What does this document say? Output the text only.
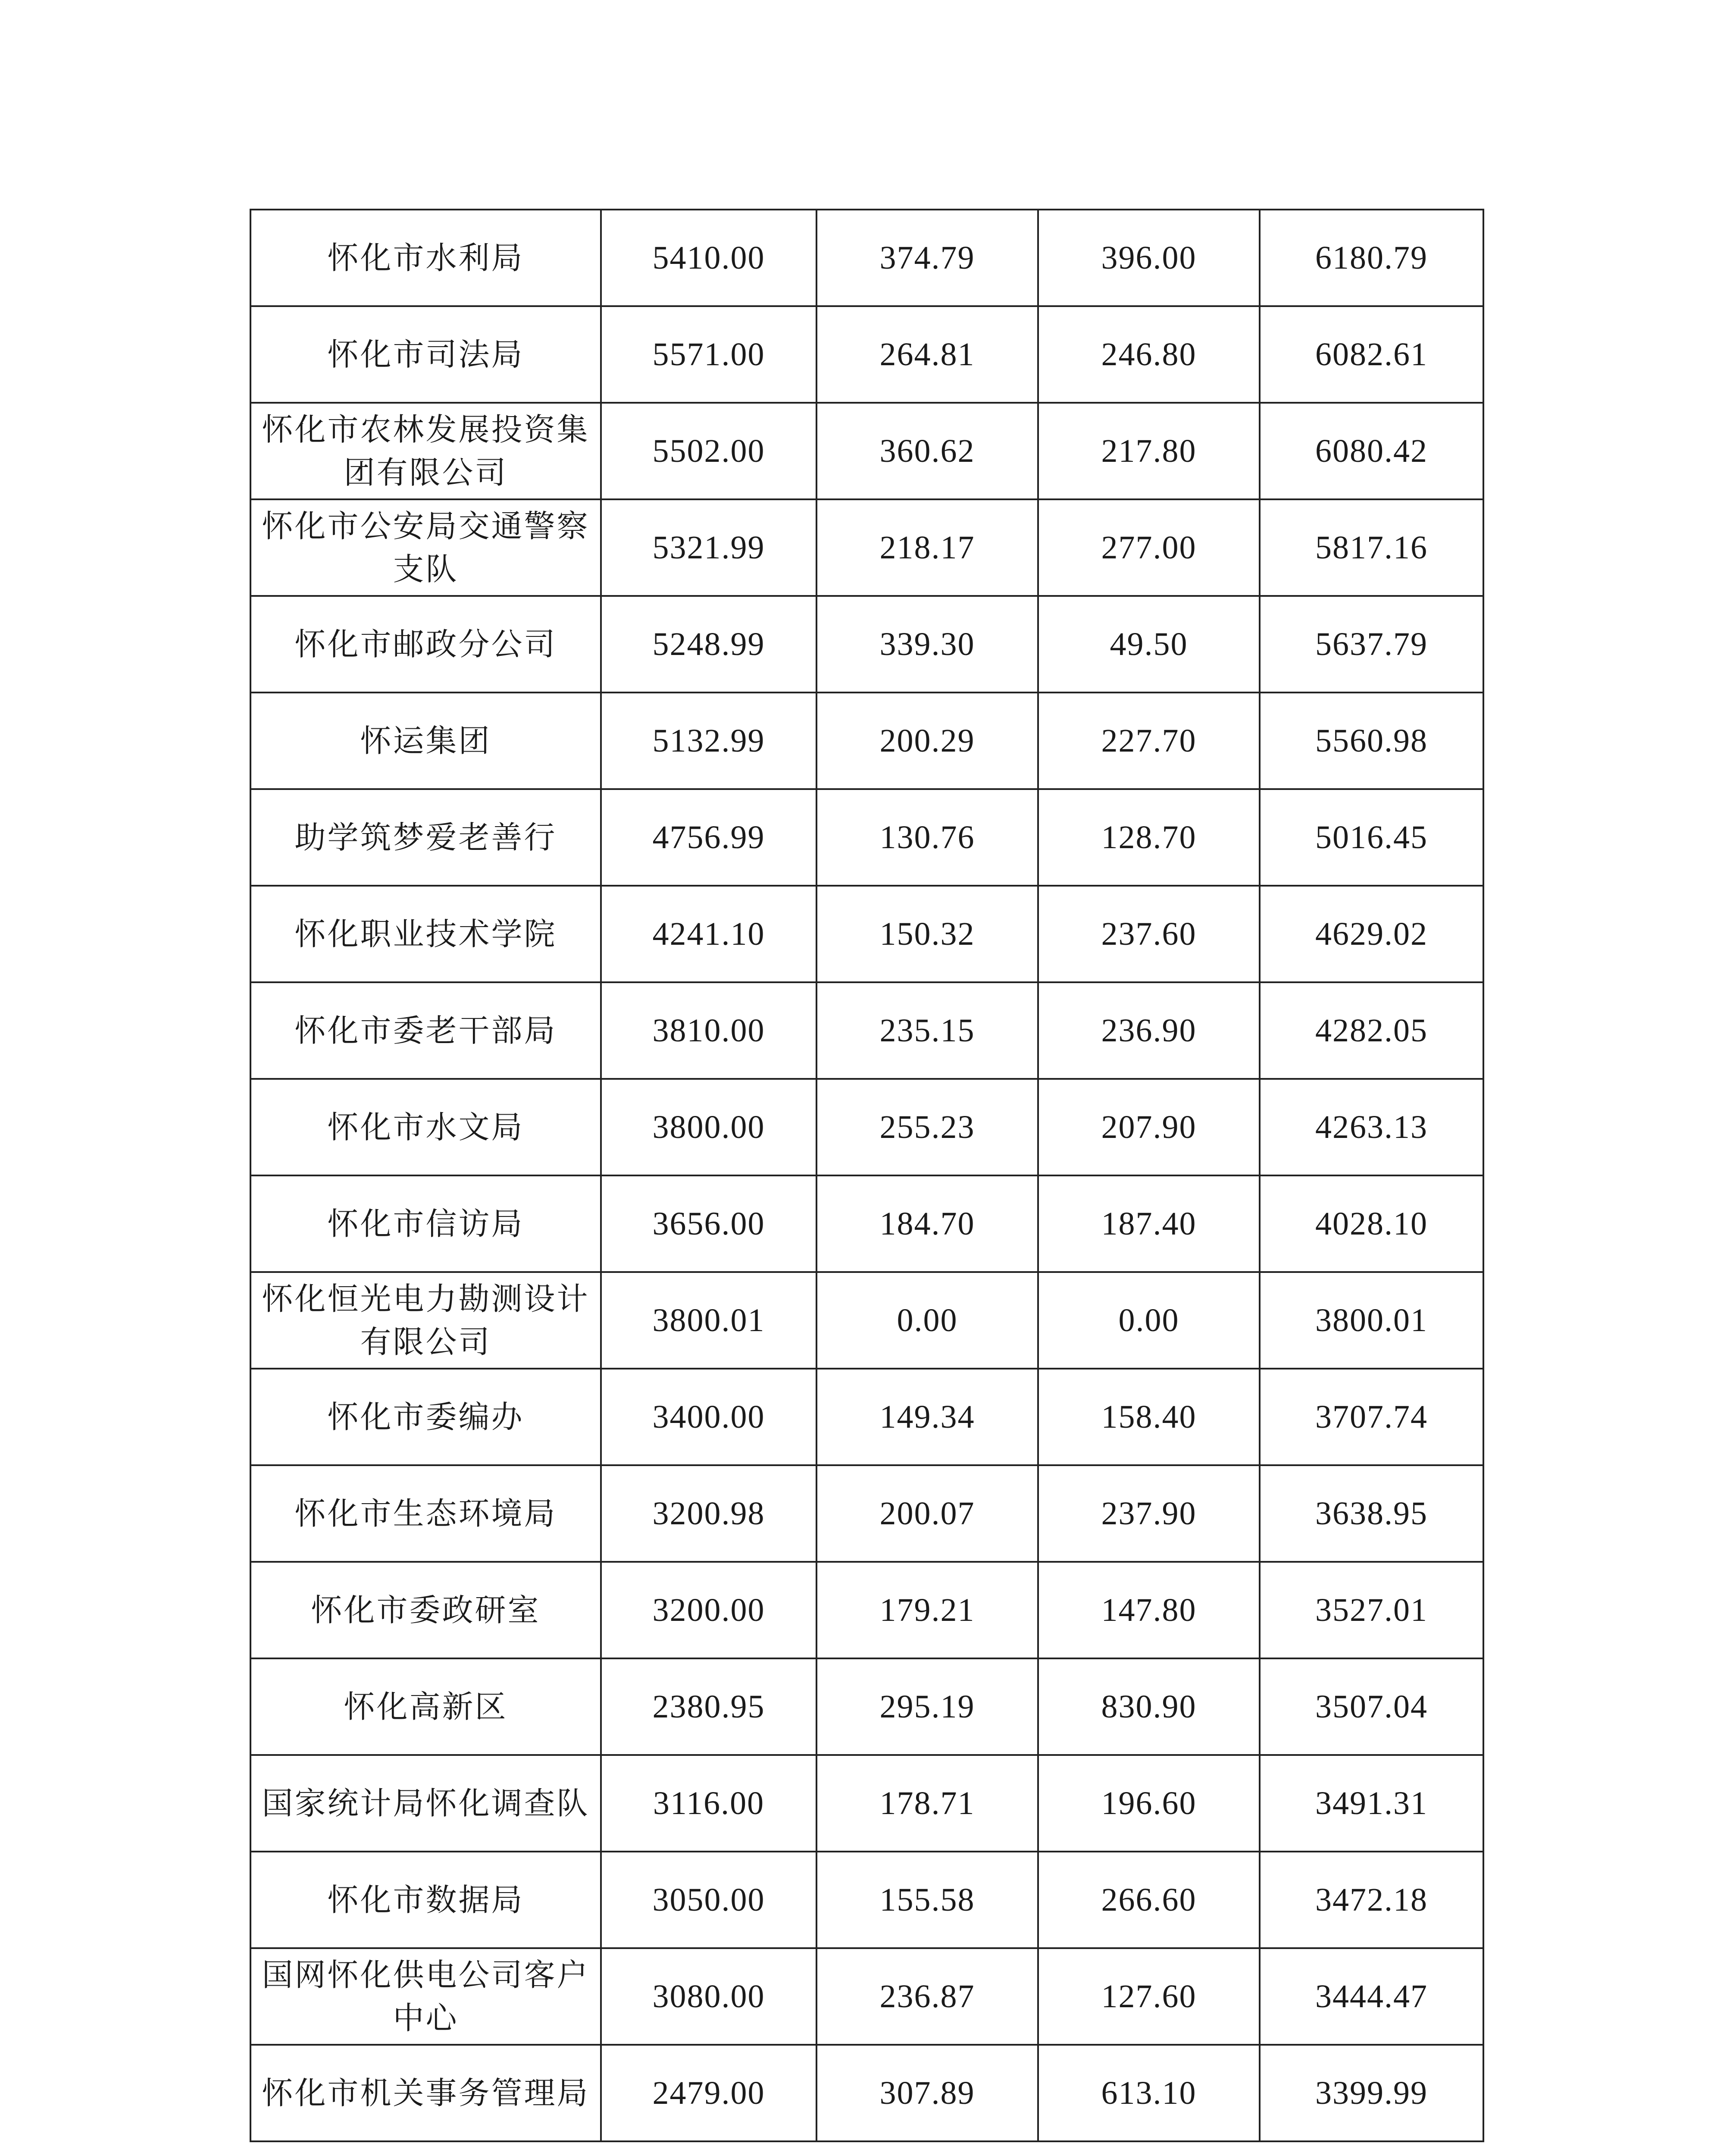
怀化市水利局	5410.00	374.79	396.00	6180.79
怀化市司法局	5571.00	264.81	246.80	6082.61
怀化市农林发展投资集团有限公司	5502.00	360.62	217.80	6080.42
怀化市公安局交通警察支队	5321.99	218.17	277.00	5817.16
怀化市邮政分公司	5248.99	339.30	49.50	5637.79
怀运集团	5132.99	200.29	227.70	5560.98
助学筑梦爱老善行	4756.99	130.76	128.70	5016.45
怀化职业技术学院	4241.10	150.32	237.60	4629.02
怀化市委老干部局	3810.00	235.15	236.90	4282.05
怀化市水文局	3800.00	255.23	207.90	4263.13
怀化市信访局	3656.00	184.70	187.40	4028.10
怀化恒光电力勘测设计有限公司	3800.01	0.00	0.00	3800.01
怀化市委编办	3400.00	149.34	158.40	3707.74
怀化市生态环境局	3200.98	200.07	237.90	3638.95
怀化市委政研室	3200.00	179.21	147.80	3527.01
怀化高新区	2380.95	295.19	830.90	3507.04
国家统计局怀化调查队	3116.00	178.71	196.60	3491.31
怀化市数据局	3050.00	155.58	266.60	3472.18
国网怀化供电公司客户中心	3080.00	236.87	127.60	3444.47
怀化市机关事务管理局	2479.00	307.89	613.10	3399.99
